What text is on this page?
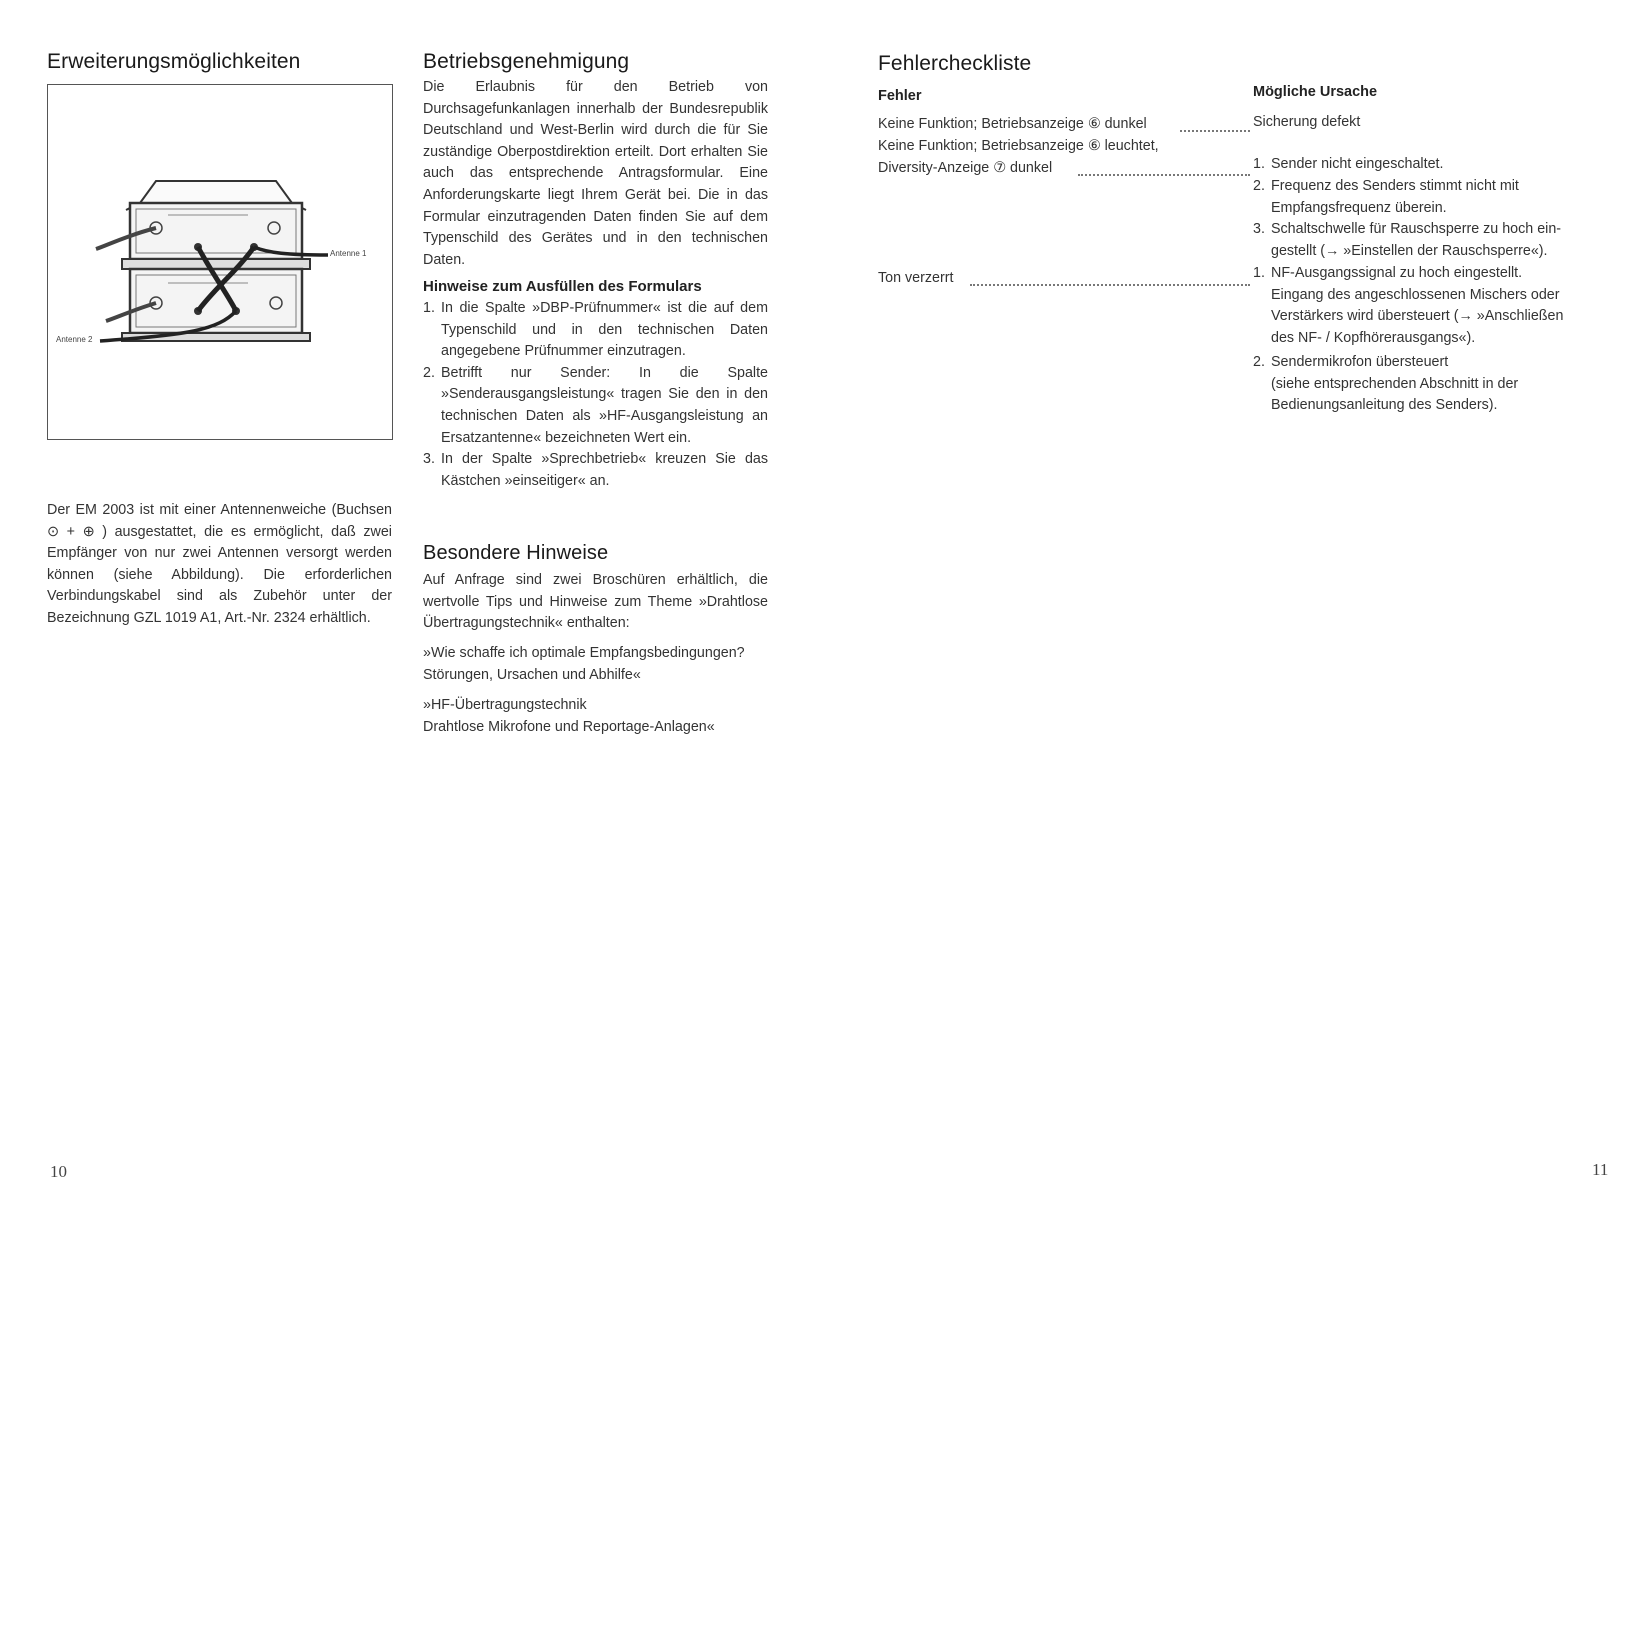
Erweiterungsmöglichkeiten
Antenne 1
Antenne 2

Der EM 2003 ist mit einer Antennenweiche (Buchsen ⊙ + ⊕ ) ausgestattet, die es ermöglicht, daß zwei Empfänger von nur zwei Antennen versorgt werden können (siehe Abbildung). Die erforderlichen Verbindungskabel sind als Zubehör unter der Bezeichnung GZL 1019 A1, Art.-Nr. 2324 erhältlich.

Betriebsgenehmigung

Die Erlaubnis für den Betrieb von Durchsagefunkanlagen innerhalb der Bundesrepublik Deutschland und West-Berlin wird durch die für Sie zuständige Oberpostdirektion erteilt. Dort erhalten Sie auch das entsprechende Antragsformular. Eine Anforderungskarte liegt Ihrem Gerät bei. Die in das Formular einzutragenden Daten finden Sie auf dem Typenschild des Gerätes und in den technischen Daten.

Hinweise zum Ausfüllen des Formulars
1. In die Spalte »DBP-Prüfnummer« ist die auf dem Typenschild und in den technischen Daten angegebene Prüfnummer einzutragen.
2. Betrifft nur Sender: In die Spalte »Senderausgangsleistung« tragen Sie den in den technischen Daten als »HF-Ausgangsleistung an Ersatzantenne« bezeichneten Wert ein.
3. In der Spalte »Sprechbetrieb« kreuzen Sie das Kästchen »einseitiger« an.
Besondere Hinweise

Auf Anfrage sind zwei Broschüren erhältlich, die wertvolle Tips und Hinweise zum Theme »Drahtlose Übertragungstechnik« enthalten:

»Wie schaffe ich optimale Empfangsbedingungen?
Störungen, Ursachen und Abhilfe«
»HF-Übertragungstechnik
Drahtlose Mikrofone und Reportage-Anlagen«
10
Fehlercheckliste
Fehler	Mögliche Ursache
Keine Funktion; Betriebsanzeige ⑥ dunkel	Sicherung defekt
Keine Funktion; Betriebsanzeige ⑥ leuchtet,
Diversity-Anzeige ⑦ dunkel	1. Sender nicht eingeschaltet.
2. Frequenz des Senders stimmt nicht mit
Empfangsfrequenz überein.
3. Schaltschwelle für Rauschsperre zu hoch ein-
gestellt (→ »Einstellen der Rauschsperre«).
Ton verzerrt	1. NF-Ausgangssignal zu hoch eingestellt.
Eingang des angeschlossenen Mischers oder
Verstärkers wird übersteuert (→ »Anschließen
des NF- / Kopfhörerausgangs«).
2. Sendermikrofon übersteuert
(siehe entsprechenden Abschnitt in der
Bedienungsanleitung des Senders).
11
